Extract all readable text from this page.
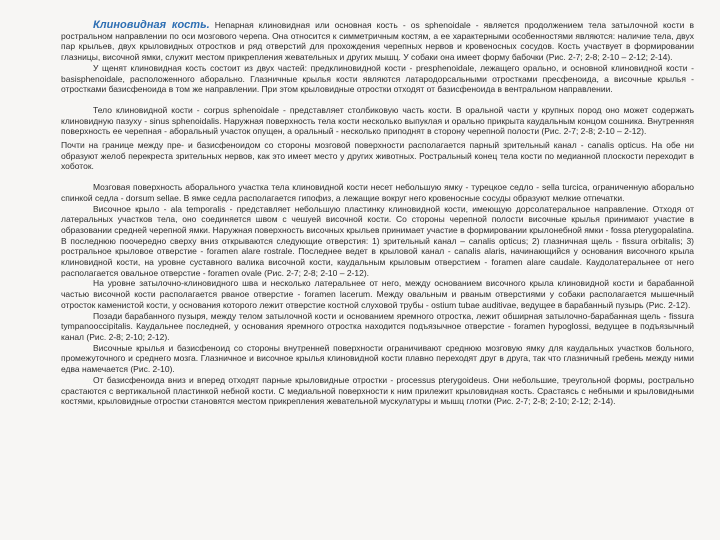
Клиновидная кость. Непарная клиновидная или основная кость - os sphenoidale - является продолжением тела затылочной кости в ростральном направлении по оси мозгового черепа. Она относится к симметричным костям, а ее характерными особенностями являются: наличие тела, двух пар крыльев, двух крыловидных отростков и ряд отверстий для прохождения черепных нервов и кровеносных сосудов. Кость участвует в формировании глазницы, височной ямки, служит местом прикрепления жевательных и других мышц. У собаки она имеет форму бабочки (Рис. 2-7; 2-8; 2-10 – 2-12; 2-14).

У щенят клиновидная кость состоит из двух частей: предклиновидной кости - presphenoidale, лежащего орально, и основной клиновидной кости - basisphenoidale, расположенного аборально. Глазничные крылья кости являются латародорсальными отростками пресфеноида, а височные крылья - отростками базисфеноида в том же направлении. При этом крыловидные отростки отходят от базисфеноида в вентральном направлении.

Тело клиновидной кости - corpus sphenoidale - представляет столбиковую часть кости. В оральной части у крупных пород оно может содержать клиновидную пазуху - sinus sphenoidalis. Наружная поверхность тела кости несколько выпуклая и орально прикрыта каудальным концом сошника. Внутренняя поверхность ее черепная - аборальный участок опущен, а оральный - несколько приподнят в сторону черепной полости (Рис. 2-7; 2-8; 2-10 – 2-12).

Почти на границе между пре- и базисфеноидом со стороны мозговой поверхности располагается парный зрительный канал - canalis opticus. На обе ни образуют желоб перекреста зрительных нервов, как это имеет место у других животных. Ростральный конец тела кости по медианной плоскости переходит в хоботок.

Мозговая поверхность аборального участка тела клиновидной кости несет небольшую ямку - турецкое седло - sella turcica, ограниченную аборально спинкой седла - dorsum sellae. В ямке седла располагается гипофиз, а лежащие вокруг него кровеносные сосуды образуют мелкие отпечатки.

Височное крыло - ala temporalis - представляет небольшую пластинку клиновидной кости, имеющую дорсолатеральное направление. Отходя от латеральных участков тела, оно соединяется швом с чешуей височной кости. Со стороны черепной полости височные крылья принимают участие в образовании средней черепной ямки. Наружная поверхность височных крыльев принимает участие в формировании крылонебной ямки - fossa pterygopalatina. В последнюю поочередно сверху вниз открываются следующие отверстия: 1) зрительный канал – canalis opticus; 2) глазничная щель - fissura orbitalis; 3) ростральное крыловое отверстие - foramen alare rostrale. Последнее ведет в крыловой канал - canalis alaris, начинающийся у основания височного крыла клиновидной кости, на уровне суставного валика височной кости, каудальным крыловым отверстием - foramen alare caudale. Каудолатеральнее от него располагается овальное отверстие - foramen ovale (Рис. 2-7; 2-8; 2-10 – 2-12).

На уровне затылочно-клиновидного шва и несколько латеральнее от него, между основанием височного крыла клиновидной кости и барабанной частью височной кости располагается рваное отверстие - foramen lacerum. Между овальным и рваным отверстиями у собаки располагается мышечный отросток каменистой кости, у основания которого лежит отверстие костной слуховой трубы - ostium tubae auditivae, ведущее в барабанный пузырь (Рис. 2-12).

Позади барабанного пузыря, между телом затылочной кости и основанием яремного отростка, лежит обширная затылочно-барабанная щель - fissura tympanooccipitalis. Каудальнее последней, у основания яремного отростка находится подъязычное отверстие - foramen hypoglossi, ведущее в подъязычный канал (Рис. 2-8; 2-10; 2-12).

Височные крылья и базисфеноид со стороны внутренней поверхности ограничивают среднюю мозговую ямку для каудальных участков больного, промежуточного и среднего мозга. Глазничное и височное крылья клиновидной кости плавно переходят друг в друга, так что глазничный гребень между ними едва намечается (Рис. 2-10).

От базисфеноида вниз и вперед отходят парные крыловидные отростки - processus pterygoideus. Они небольшие, треугольной формы, рострально срастаются с вертикальной пластинкой небной кости. С медиальной поверхности к ним прилежит крыловидная кость. Срастаясь с небными и крыловидными костями, крыловидные отростки становятся местом прикрепления жевательной мускулатуры и мышц глотки (Рис. 2-7; 2-8; 2-10; 2-12; 2-14).
